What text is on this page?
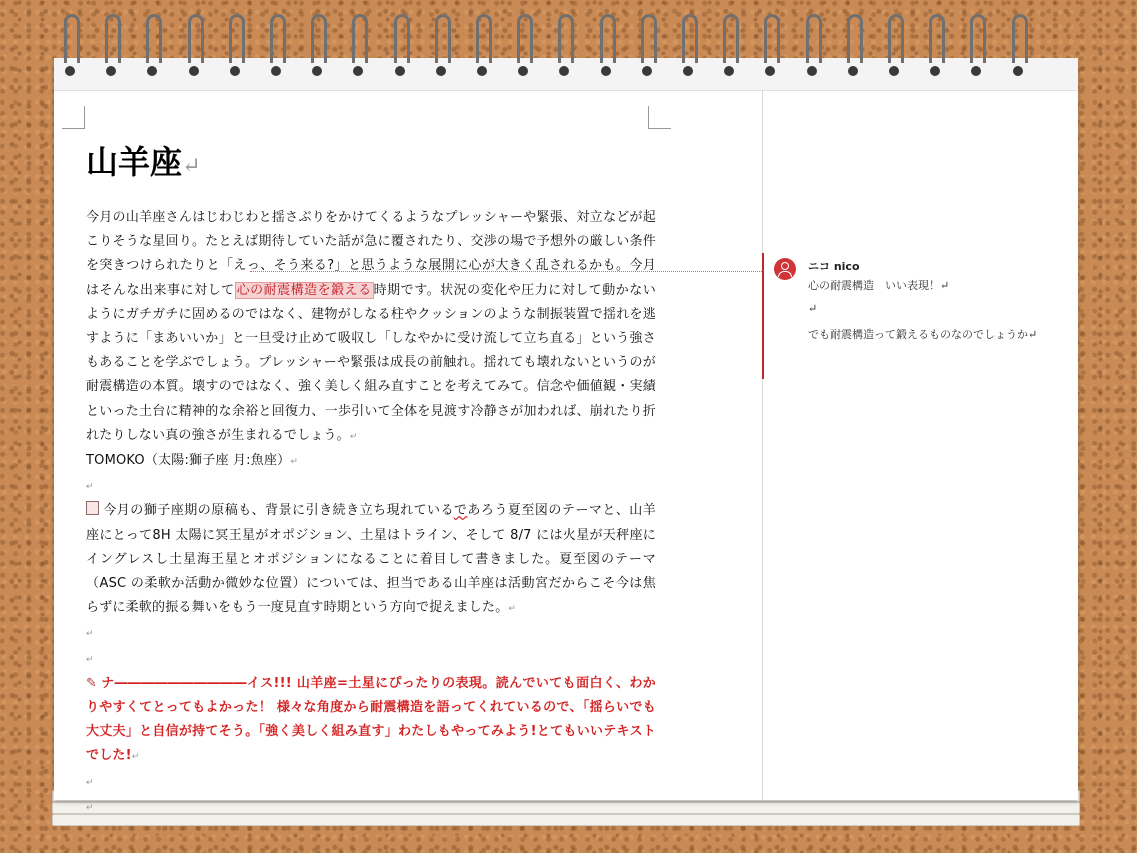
山羊座↵

今月の山羊座さんはじわじわと揺さぶりをかけてくるようなプレッシャーや緊張、対立などが起こりそうな星回り。たとえば期待していた話が急に覆されたり、交渉の場で予想外の厳しい条件を突きつけられたりと「えっ、そう来る?」と思うような展開に心が大きく乱されるかも。今月はそんな出来事に対して 心の耐震構造を鍛える 時期です。状況の変化や圧力に対して動かないようにガチガチに固めるのではなく、建物がしなる柱やクッションのような制振装置で揺れを逃すように「まあいいか」と一旦受け止めて吸収し「しなやかに受け流して立ち直る」という強さもあることを学ぶでしょう。プレッシャーや緊張は成長の前触れ。揺れても壊れないというのが耐震構造の本質。壊すのではなく、強く美しく組み直すことを考えてみて。信念や価値観・実績といった土台に精神的な余裕と回復力、一歩引いて全体を見渡す冷静さが加われば、崩れたり折れたりしない真の強さが生まれるでしょう。↵

TOMOKO（太陽:獅子座 月:魚座）↵

↵

今月の獅子座期の原稿も、背景に引き続き立ち現れているであろう夏至図のテーマと、山羊座にとって8H 太陽に冥王星がオポジション、土星はトライン、そして 8/7 には火星が天秤座にイングレスし土星海王星とオポジションになることに着目して書きました。夏至図のテーマ（ASC の柔軟か活動か微妙な位置）については、担当である山羊座は活動宮だからこそ今は焦らずに柔軟的振る舞いをもう一度見直す時期という方向で捉えました。↵

↵

↵

✎ ナ――――――――――イス!!! 山羊座=土星にぴったりの表現。読んでいても面白く、わかりやすくてとってもよかった！ 様々な角度から耐震構造を語ってくれているので、「揺らいでも大丈夫」と自信が持てそう。「強く美しく組み直す」わたしもやってみよう!とてもいいテキストでした!↵

↵

↵

ニコ nico
心の耐震構造　いい表現！↵
↵
でも耐震構造って鍛えるものなのでしょうか↵
